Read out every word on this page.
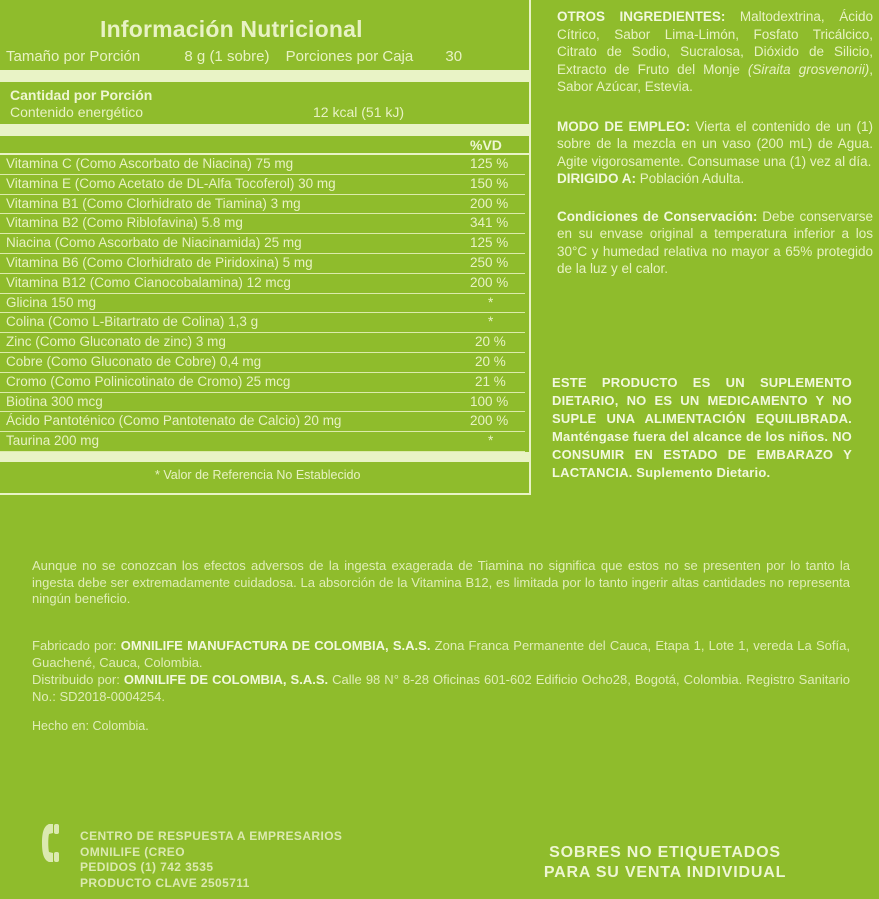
Información Nutricional
Tamaño por Porción	8 g (1 sobre) Porciones por Caja 30
Cantidad por Porción
Contenido energético	12 kcal (51 kJ)
%VD
Vitamina C (Como Ascorbato de Niacina) 75 mg	125 %
Vitamina E (Como Acetato de DL-Alfa Tocoferol) 30 mg	150 %
Vitamina B1 (Como Clorhidrato de Tiamina) 3 mg	200 %
Vitamina B2 (Como Riblofavina) 5.8 mg	341 %
Niacina (Como Ascorbato de Niacinamida) 25 mg	125 %
Vitamina B6 (Como Clorhidrato de Piridoxina) 5 mg	250 %
Vitamina B12 (Como Cianocobalamina) 12 mcg	200 %
Glicina 150 mg	*
Colina (Como L-Bitartrato de Colina) 1,3 g	*
Zinc (Como Gluconato de zinc) 3 mg	20 %
Cobre (Como Gluconato de Cobre) 0,4 mg	20 %
Cromo (Como Polinicotinato de Cromo) 25 mcg	21 %
Biotina 300 mcg	100 %
Ácido Pantoténico (Como Pantotenato de Calcio) 20 mg	200 %
Taurina 200 mg	*
* Valor de Referencia No Establecido

OTROS INGREDIENTES: Maltodextrina, Ácido Cítrico, Sabor Lima-Limón, Fosfato Tricálcico, Citrato de Sodio, Sucralosa, Dióxido de Silicio, Extracto de Fruto del Monje (Siraita grosvenorii), Sabor Azúcar, Estevia.

MODO DE EMPLEO: Vierta el contenido de un (1) sobre de la mezcla en un vaso (200 mL) de Agua. Agite vigorosamente. Consumase una (1) vez al día.

DIRIGIDO A: Población Adulta.

Condiciones de Conservación: Debe conservarse en su envase original a temperatura inferior a los 30°C y humedad relativa no mayor a 65% protegido de la luz y el calor.

ESTE PRODUCTO ES UN SUPLEMENTO DIETARIO, NO ES UN MEDICAMENTO Y NO SUPLE UNA ALIMENTACIÓN EQUILIBRADA. Manténgase fuera del alcance de los niños. NO CONSUMIR EN ESTADO DE EMBARAZO Y LACTANCIA. Suplemento Dietario.
Aunque no se conozcan los efectos adversos de la ingesta exagerada de Tiamina no significa que estos no se presenten por lo tanto la ingesta debe ser extremadamente cuidadosa. La absorción de la Vitamina B12, es limitada por lo tanto ingerir altas cantidades no representa ningún beneficio.
Fabricado por: OMNILIFE MANUFACTURA DE COLOMBIA, S.A.S. Zona Franca Permanente del Cauca, Etapa 1, Lote 1, vereda La Sofía, Guachené, Cauca, Colombia.
Distribuido por: OMNILIFE DE COLOMBIA, S.A.S. Calle 98 N° 8-28 Oficinas 601-602 Edificio Ocho28, Bogotá, Colombia. Registro Sanitario No.: SD2018-0004254.
Hecho en: Colombia.
CENTRO DE RESPUESTA A EMPRESARIOS
OMNILIFE (CREO
PEDIDOS (1) 742 3535
PRODUCTO CLAVE 2505711
SOBRES NO ETIQUETADOS
PARA SU VENTA INDIVIDUAL
